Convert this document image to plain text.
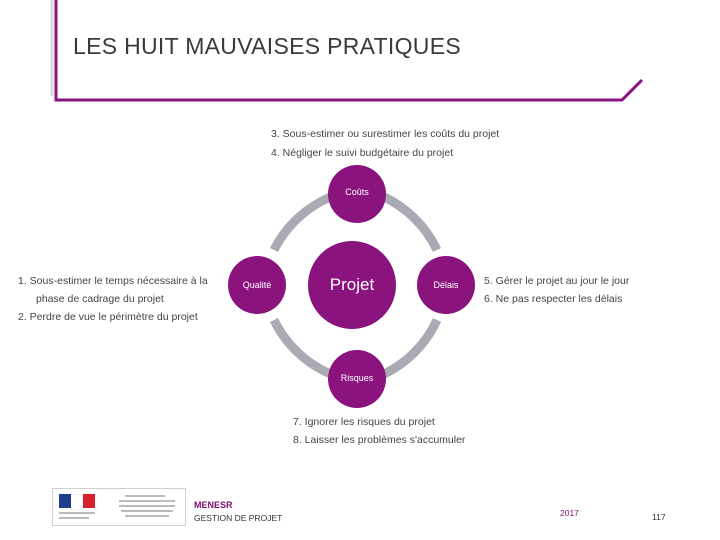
LES HUIT MAUVAISES PRATIQUES
Coûts
Qualité	Délais
Risques
Projet
3. Sous-estimer ou surestimer les coûts du projet
4. Négliger le suivi budgétaire du projet
1. Sous-estimer le temps nécessaire à la
phase de cadrage du projet
2. Perdre de vue le périmètre du projet
5. Gérer le projet au jour le jour
6. Ne pas respecter les délais
7. Ignorer les risques du projet
8. Laisser les problèmes s'accumuler
MENESR
GESTION DE PROJET	2017	117
